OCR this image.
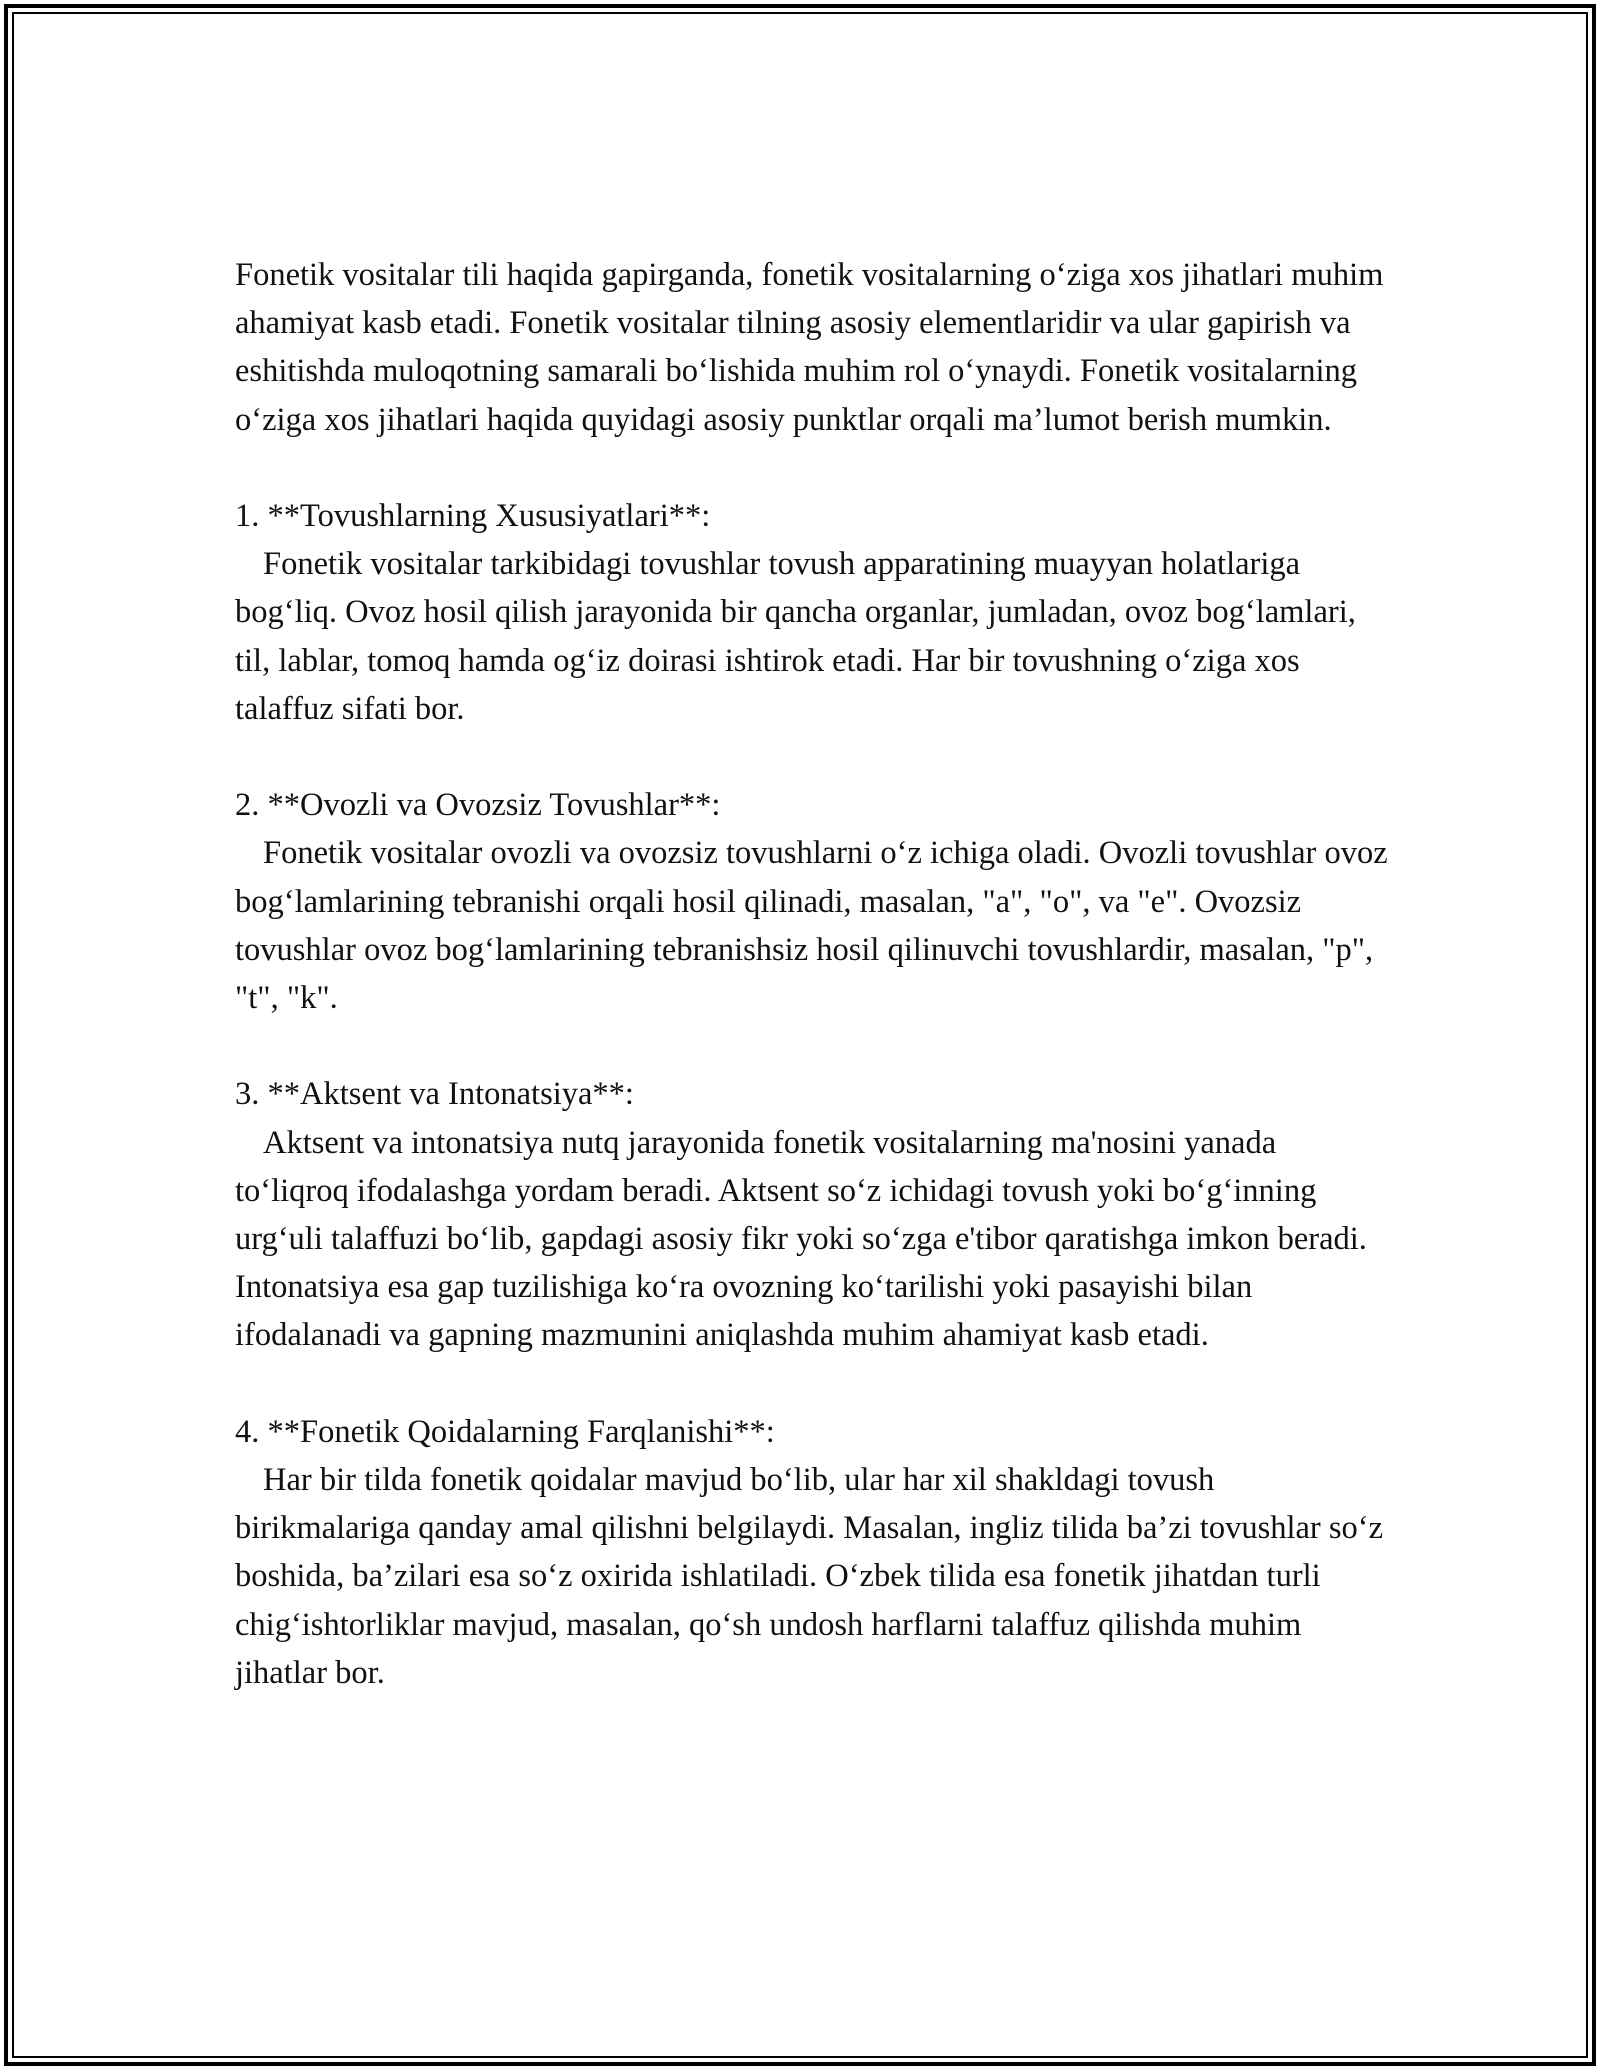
Fonetik vositalar tili haqida gapirganda, fonetik vositalarning o‘ziga xos jihatlari muhim ahamiyat kasb etadi. Fonetik vositalar tilning asosiy elementlaridir va ular gapirish va eshitishda muloqotning samarali bo‘lishida muhim rol o‘ynaydi. Fonetik vositalarning o‘ziga xos jihatlari haqida quyidagi asosiy punktlar orqali ma’lumot berish mumkin.

1. **Tovushlarning Xususiyatlari**:

Fonetik vositalar tarkibidagi tovushlar tovush apparatining muayyan holatlariga bog‘liq. Ovoz hosil qilish jarayonida bir qancha organlar, jumladan, ovoz bog‘lamlari, til, lablar, tomoq hamda og‘iz doirasi ishtirok etadi. Har bir tovushning o‘ziga xos talaffuz sifati bor.

2. **Ovozli va Ovozsiz Tovushlar**:

Fonetik vositalar ovozli va ovozsiz tovushlarni o‘z ichiga oladi. Ovozli tovushlar ovoz bog‘lamlarining tebranishi orqali hosil qilinadi, masalan, "a", "o", va "e". Ovozsiz tovushlar ovoz bog‘lamlarining tebranishsiz hosil qilinuvchi tovushlardir, masalan, "p", "t", "k".

3. **Aktsent va Intonatsiya**:

Aktsent va intonatsiya nutq jarayonida fonetik vositalarning ma'nosini yanada to‘liqroq ifodalashga yordam beradi. Aktsent so‘z ichidagi tovush yoki bo‘g‘inning urg‘uli talaffuzi bo‘lib, gapdagi asosiy fikr yoki so‘zga e'tibor qaratishga imkon beradi. Intonatsiya esa gap tuzilishiga ko‘ra ovozning ko‘tarilishi yoki pasayishi bilan ifodalanadi va gapning mazmunini aniqlashda muhim ahamiyat kasb etadi.

4. **Fonetik Qoidalarning Farqlanishi**:

Har bir tilda fonetik qoidalar mavjud bo‘lib, ular har xil shakldagi tovush birikmalariga qanday amal qilishni belgilaydi. Masalan, ingliz tilida ba’zi tovushlar so‘z boshida, ba’zilari esa so‘z oxirida ishlatiladi. O‘zbek tilida esa fonetik jihatdan turli chig‘ishtorliklar mavjud, masalan, qo‘sh undosh harflarni talaffuz qilishda muhim jihatlar bor.
